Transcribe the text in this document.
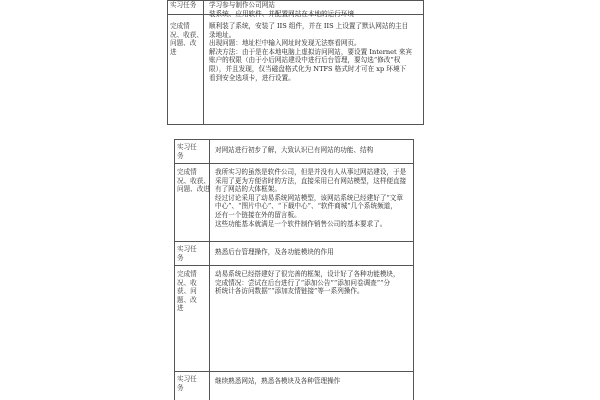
实习任务	学习参与制作公司网站
装系统、应用软件、并配置网站在本地的运行环境
完成情
况、收获、
问题、改
进
顺利装了系统，安装了 IIS 组件，并在 IIS 上设置了默认网站的主目
录地址。
出现问题：地址栏中输入网址时发现无法察看网页。
解决方法：由于是在本地电脑上虚拟访问网站，要设置 Internet 来宾
账户的权限（由于小后网站建设中进行后台管理，要勾选“修改”权
限），并且发现，仅当磁盘格式化为 NTFS 格式时才可在 xp 环境下
看到安全选项卡，进行设置。
实习任
务
对网站进行初步了解，大致认识已有网站的功能、结构
完成情
况、收获、
问题、改进
我所实习的虽然是软件公司，但是并没有人从事过网站建设，于是
采用了更为方便省时的方法，直接采用已有网站模型，这样便直接
有了网站的大体框架。
经过讨论采用了动易系统网站模型，该网站系统已经建好了“文章
中心”、“图片中心”、“下载中心”、“软件商城”几个系统频道，
还有一个链接在外的留言板。
这些功能基本就满足一个软件制作销售公司的基本要求了。
实习任
务
熟悉后台管理操作，及各功能模块的作用
完成情
况、收
获、问
题、改
进
动易系统已经搭建好了很完善的框架，设计好了各种功能模块，
完成情况：尝试在后台进行了“添加公告”“添加问卷调查”“分
析统计各访问数据”“添加友情链接”等一系列操作。
实习任
务
继续熟悉网站，熟悉各模块及各种管理操作
